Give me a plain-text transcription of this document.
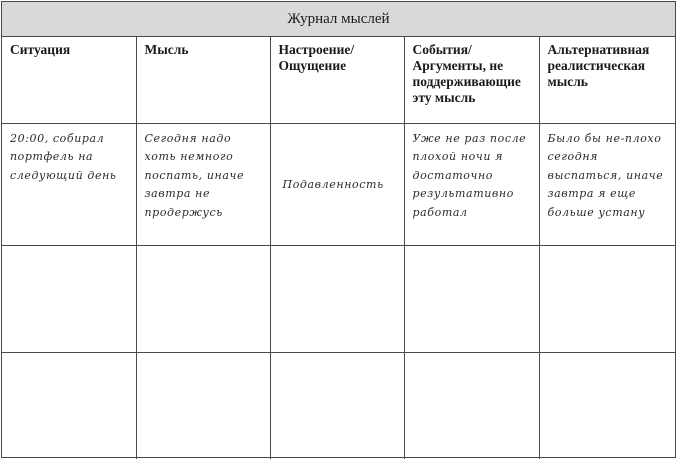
Журнал мыслей
Ситуация	Мысль	Настроение/ Ощущение	События/ Аргументы, не поддерживающие эту мысль	Альтернативная реалистическая мысль

20:00, собирал портфель на следующий день	Сегодня надо хоть немного поспать, иначе завтра не продержусь	Подавленность	Уже не раз после плохой ночи я достаточно результативно работал	Было бы не-плохо сегодня выспаться, иначе завтра я еще больше устану
